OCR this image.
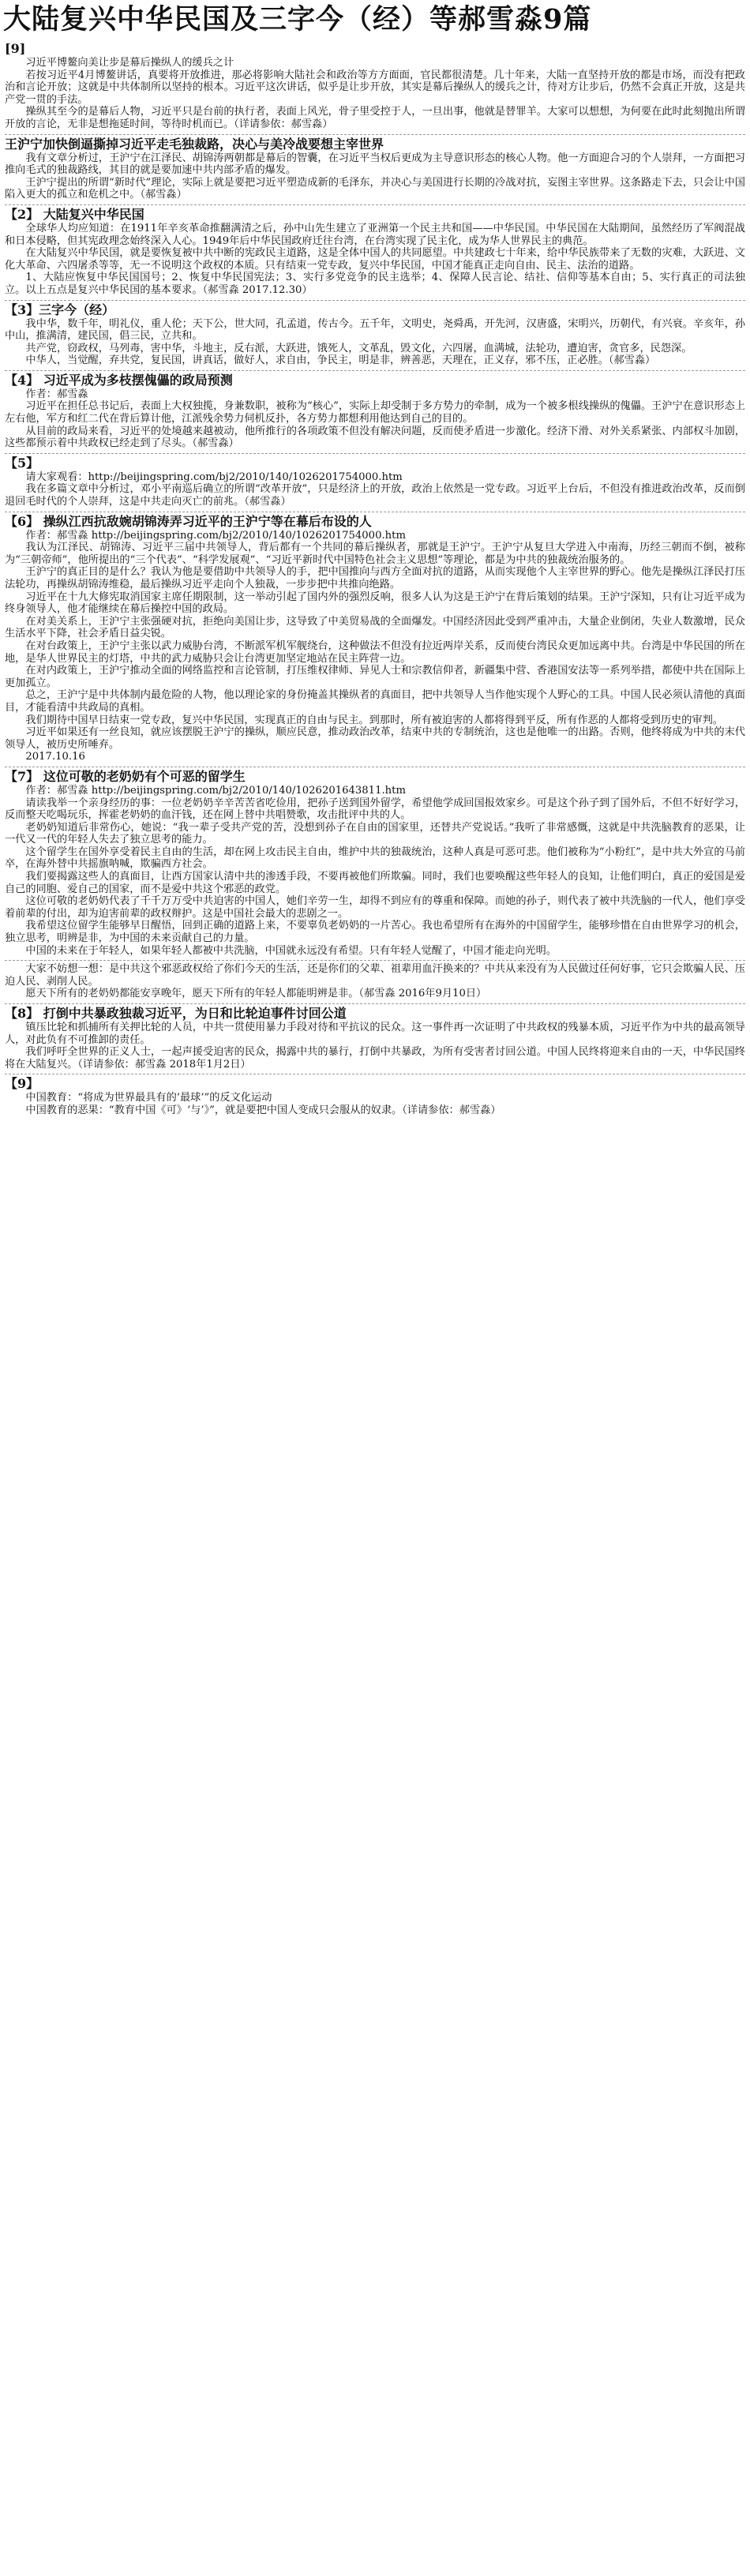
大陆复兴中华民国及三字今（经）等郝雪淼9篇
[9]

习近平博鳌向美让步是幕后操纵人的缓兵之计

若按习近平4月博鳌讲话，真要将开放推进，那必将影响大陆社会和政治等方方面面，官民都很清楚。几十年来，大陆一直坚持开放的都是市场，而没有把政治和言论开放；这就是中共体制所以坚持的根本。习近平这次讲话，似乎是让步开放，其实是幕后操纵人的缓兵之计，待对方让步后，仍然不会真正开放，这是共产党一贯的手法。

操纵其至今的是幕后人物，习近平只是台前的执行者，表面上风光，骨子里受控于人，一旦出事，他就是替罪羊。大家可以想想，为何要在此时此刻抛出所谓开放的言论，无非是想拖延时间，等待时机而已。（详请参依：郝雪淼）

王沪宁加快倒逼撕掉习近平走毛独裁路，决心与美冷战要想主宰世界

我有文章分析过，王沪宁在江泽民、胡锦涛两朝都是幕后的智囊，在习近平当权后更成为主导意识形态的核心人物。他一方面迎合习的个人崇拜，一方面把习推向毛式的独裁路线，其目的就是要加速中共内部矛盾的爆发。

王沪宁提出的所谓“新时代”理论，实际上就是要把习近平塑造成新的毛泽东，并决心与美国进行长期的冷战对抗，妄图主宰世界。这条路走下去，只会让中国陷入更大的孤立和危机之中。（郝雪淼）

【2】 大陆复兴中华民国

全球华人均应知道：在1911年辛亥革命推翻满清之后，孙中山先生建立了亚洲第一个民主共和国——中华民国。中华民国在大陆期间，虽然经历了军阀混战和日本侵略，但其宪政理念始终深入人心。1949年后中华民国政府迁往台湾，在台湾实现了民主化，成为华人世界民主的典范。

在大陆复兴中华民国，就是要恢复被中共中断的宪政民主道路，这是全体中国人的共同愿望。中共建政七十年来，给中华民族带来了无数的灾难，大跃进、文化大革命、六四屠杀等等，无一不说明这个政权的本质。只有结束一党专政，复兴中华民国，中国才能真正走向自由、民主、法治的道路。

1、大陆应恢复中华民国国号；2、恢复中华民国宪法；3、实行多党竞争的民主选举；4、保障人民言论、结社、信仰等基本自由；5、实行真正的司法独立。以上五点是复兴中华民国的基本要求。（郝雪淼 2017.12.30）

【3】三字今（经）

我中华，数千年，明礼仪，重人伦；天下公，世大同，孔孟道，传古今。五千年，文明史，尧舜禹，开先河，汉唐盛，宋明兴，历朝代，有兴衰。辛亥年，孙中山，推满清，建民国，倡三民，立共和。

共产党，窃政权，马列毒，害中华，斗地主，反右派，大跃进，饿死人，文革乱，毁文化，六四屠，血满城，法轮功，遭迫害，贪官多，民怨深。

中华人，当觉醒，弃共党，复民国，讲真话，做好人，求自由，争民主，明是非，辨善恶，天理在，正义存，邪不压，正必胜。（郝雪淼）

【4】 习近平成为多枝摆傀儡的政局预测

作者：郝雪淼

习近平在担任总书记后，表面上大权独揽，身兼数职，被称为“核心”，实际上却受制于多方势力的牵制，成为一个被多根线操纵的傀儡。王沪宁在意识形态上左右他，军方和红二代在背后算计他，江派残余势力伺机反扑，各方势力都想利用他达到自己的目的。

从目前的政局来看，习近平的处境越来越被动，他所推行的各项政策不但没有解决问题，反而使矛盾进一步激化。经济下滑、对外关系紧张、内部权斗加剧，这些都预示着中共政权已经走到了尽头。（郝雪淼）

【5】

请大家观看：http://beijingspring.com/bj2/2010/140/1026201754000.htm

我在多篇文章中分析过，邓小平南巡后确立的所谓“改革开放”，只是经济上的开放，政治上依然是一党专政。习近平上台后，不但没有推进政治改革，反而倒退回毛时代的个人崇拜，这是中共走向灭亡的前兆。（郝雪淼）

【6】 操纵江西抗敌婉胡锦涛弄习近平的王沪宁等在幕后布设的人

作者：郝雪淼 http://beijingspring.com/bj2/2010/140/1026201754000.htm

我认为江泽民、胡锦涛、习近平三届中共领导人，背后都有一个共同的幕后操纵者，那就是王沪宁。王沪宁从复旦大学进入中南海，历经三朝而不倒，被称为“三朝帝师”，他所提出的“三个代表”、“科学发展观”、“习近平新时代中国特色社会主义思想”等理论，都是为中共的独裁统治服务的。

王沪宁的真正目的是什么？我认为他是要借助中共领导人的手，把中国推向与西方全面对抗的道路，从而实现他个人主宰世界的野心。他先是操纵江泽民打压法轮功，再操纵胡锦涛维稳，最后操纵习近平走向个人独裁，一步步把中共推向绝路。

习近平在十九大修宪取消国家主席任期限制，这一举动引起了国内外的强烈反响，很多人认为这是王沪宁在背后策划的结果。王沪宁深知，只有让习近平成为终身领导人，他才能继续在幕后操控中国的政局。

在对美关系上，王沪宁主张强硬对抗，拒绝向美国让步，这导致了中美贸易战的全面爆发。中国经济因此受到严重冲击，大量企业倒闭，失业人数激增，民众生活水平下降，社会矛盾日益尖锐。

在对台政策上，王沪宁主张以武力威胁台湾，不断派军机军舰绕台，这种做法不但没有拉近两岸关系，反而使台湾民众更加远离中共。台湾是中华民国的所在地，是华人世界民主的灯塔，中共的武力威胁只会让台湾更加坚定地站在民主阵营一边。

在对内政策上，王沪宁推动全面的网络监控和言论管制，打压维权律师、异见人士和宗教信仰者，新疆集中营、香港国安法等一系列举措，都使中共在国际上更加孤立。

总之，王沪宁是中共体制内最危险的人物，他以理论家的身份掩盖其操纵者的真面目，把中共领导人当作他实现个人野心的工具。中国人民必须认清他的真面目，才能看清中共政局的真相。

我们期待中国早日结束一党专政，复兴中华民国，实现真正的自由与民主。到那时，所有被迫害的人都将得到平反，所有作恶的人都将受到历史的审判。

习近平如果还有一丝良知，就应该摆脱王沪宁的操纵，顺应民意，推动政治改革，结束中共的专制统治，这也是他唯一的出路。否则，他终将成为中共的末代领导人，被历史所唾弃。

2017.10.16

【7】 这位可敬的老奶奶有个可恶的留学生

作者：郝雪淼 http://beijingspring.com/bj2/2010/140/1026201643811.htm

请读我举一个亲身经历的事：一位老奶奶辛辛苦苦省吃俭用，把孙子送到国外留学，希望他学成回国报效家乡。可是这个孙子到了国外后，不但不好好学习，反而整天吃喝玩乐，挥霍老奶奶的血汗钱，还在网上替中共唱赞歌，攻击批评中共的人。

老奶奶知道后非常伤心，她说：“我一辈子受共产党的苦，没想到孙子在自由的国家里，还替共产党说话。”我听了非常感慨，这就是中共洗脑教育的恶果，让一代又一代的年轻人失去了独立思考的能力。

这个留学生在国外享受着民主自由的生活，却在网上攻击民主自由，维护中共的独裁统治，这种人真是可恶可悲。他们被称为“小粉红”，是中共大外宣的马前卒，在海外替中共摇旗呐喊，欺骗西方社会。

我们要揭露这些人的真面目，让西方国家认清中共的渗透手段，不要再被他们所欺骗。同时，我们也要唤醒这些年轻人的良知，让他们明白，真正的爱国是爱自己的同胞、爱自己的国家，而不是爱中共这个邪恶的政党。

这位可敬的老奶奶代表了千千万万受中共迫害的中国人，她们辛劳一生，却得不到应有的尊重和保障。而她的孙子，则代表了被中共洗脑的一代人，他们享受着前辈的付出，却为迫害前辈的政权辩护。这是中国社会最大的悲剧之一。

我希望这位留学生能够早日醒悟，回到正确的道路上来，不要辜负老奶奶的一片苦心。我也希望所有在海外的中国留学生，能够珍惜在自由世界学习的机会，独立思考，明辨是非，为中国的未来贡献自己的力量。

中国的未来在于年轻人，如果年轻人都被中共洗脑，中国就永远没有希望。只有年轻人觉醒了，中国才能走向光明。

大家不妨想一想：是中共这个邪恶政权给了你们今天的生活，还是你们的父辈、祖辈用血汗换来的？中共从来没有为人民做过任何好事，它只会欺骗人民、压迫人民、剥削人民。

愿天下所有的老奶奶都能安享晚年，愿天下所有的年轻人都能明辨是非。（郝雪淼 2016年9月10日）

【8】 打倒中共暴政独裁习近平，为日和比轮迫事件讨回公道

镇压比轮和抓捕所有关押比轮的人员，中共一贯使用暴力手段对待和平抗议的民众。这一事件再一次证明了中共政权的残暴本质，习近平作为中共的最高领导人，对此负有不可推卸的责任。

我们呼吁全世界的正义人士，一起声援受迫害的民众，揭露中共的暴行，打倒中共暴政，为所有受害者讨回公道。中国人民终将迎来自由的一天，中华民国终将在大陆复兴。（详请参依：郝雪淼 2018年1月2日）

【9】

中国教育：“将成为世界最具有的‘最球’”的反文化运动

中国教育的恶果：“教育中国《可》‘与’》”，就是要把中国人变成只会服从的奴隶。（详请参依：郝雪淼）
